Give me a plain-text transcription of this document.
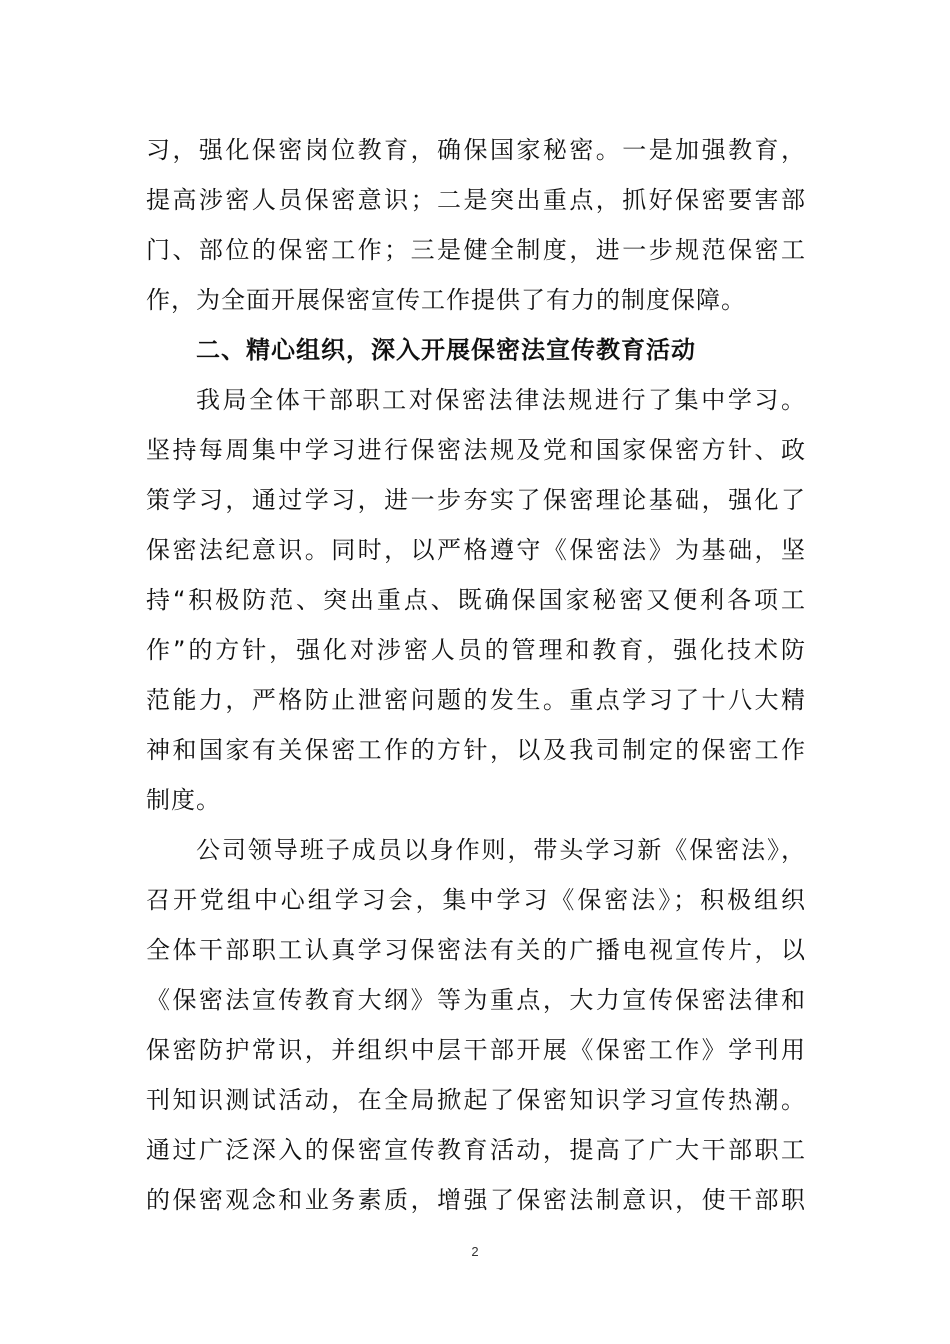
习，强化保密岗位教育，确保国家秘密。一是加强教育，
提高涉密人员保密意识；二是突出重点，抓好保密要害部
门、部位的保密工作；三是健全制度，进一步规范保密工
作，为全面开展保密宣传工作提供了有力的制度保障。
二、精心组织，深入开展保密法宣传教育活动
我局全体干部职工对保密法律法规进行了集中学习。
坚持每周集中学习进行保密法规及党和国家保密方针、政
策学习，通过学习，进一步夯实了保密理论基础，强化了
保密法纪意识。同时，以严格遵守《保密法》为基础，坚
持“积极防范、突出重点、既确保国家秘密又便利各项工
作”的方针，强化对涉密人员的管理和教育，强化技术防
范能力，严格防止泄密问题的发生。重点学习了十八大精
神和国家有关保密工作的方针，以及我司制定的保密工作
制度。
公司领导班子成员以身作则，带头学习新《保密法》，
召开党组中心组学习会，集中学习《保密法》；积极组织
全体干部职工认真学习保密法有关的广播电视宣传片，以
《保密法宣传教育大纲》等为重点，大力宣传保密法律和
保密防护常识，并组织中层干部开展《保密工作》学刊用
刊知识测试活动，在全局掀起了保密知识学习宣传热潮。
通过广泛深入的保密宣传教育活动，提高了广大干部职工
的保密观念和业务素质，增强了保密法制意识，使干部职
2
